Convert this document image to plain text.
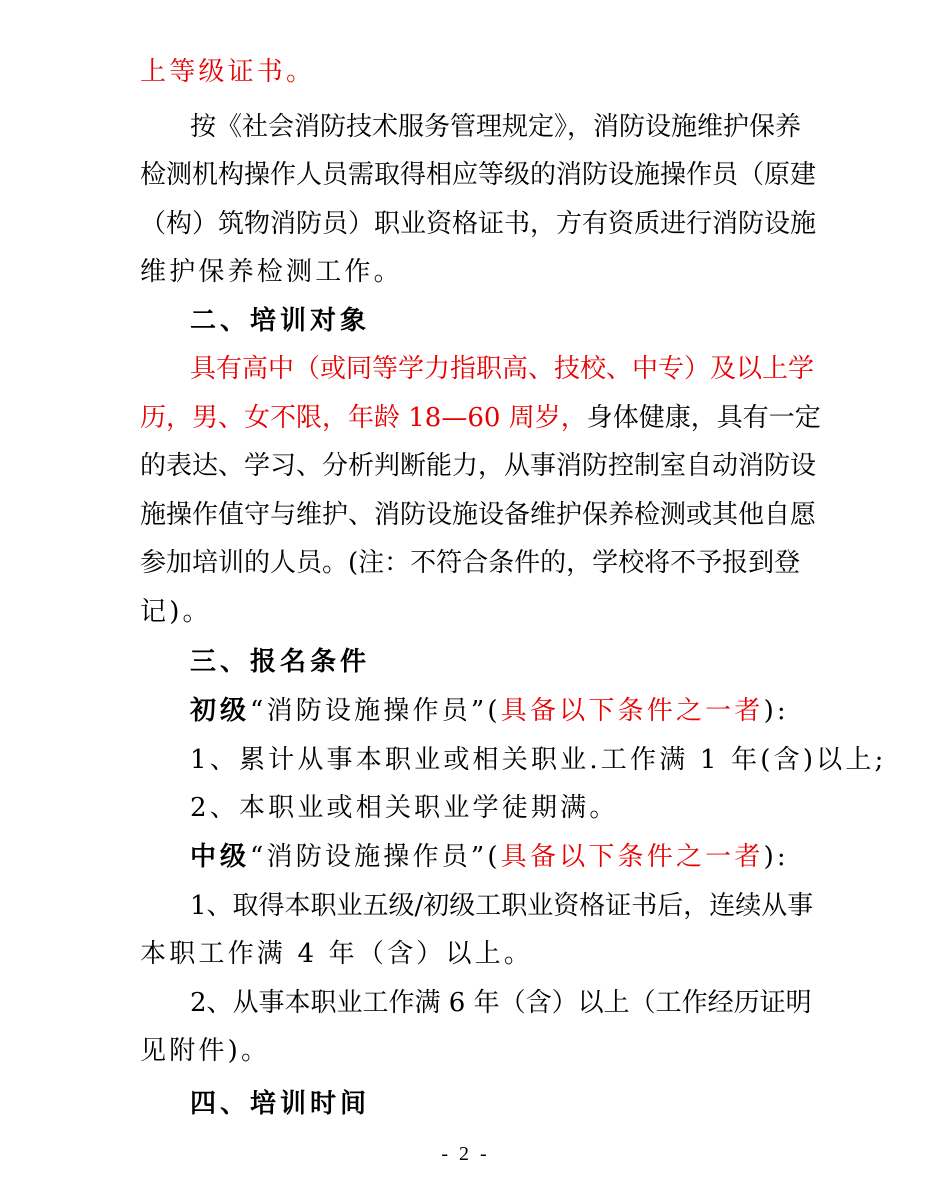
上等级证书。
按《社会消防技术服务管理规定》，消防设施维护保养
检测机构操作人员需取得相应等级的消防设施操作员（原建
（构）筑物消防员）职业资格证书，方有资质进行消防设施
维护保养检测工作。
二、培训对象
具有高中（或同等学力指职高、技校、中专）及以上学
历，男、女不限，年龄 18—60 周岁，身体健康，具有一定
的表达、学习、分析判断能力，从事消防控制室自动消防设
施操作值守与维护、消防设施设备维护保养检测或其他自愿
参加培训的人员。(注：不符合条件的，学校将不予报到登
记)。
三、报名条件
初级“消防设施操作员”(具备以下条件之一者):
1、累计从事本职业或相关职业.工作满 1 年(含)以上;
2、本职业或相关职业学徒期满。
中级“消防设施操作员”(具备以下条件之一者):
1、取得本职业五级/初级工职业资格证书后，连续从事
本职工作满 4 年（含）以上。
2、从事本职业工作满 6 年（含）以上（工作经历证明
见附件)。
四、培训时间
- 2 -
